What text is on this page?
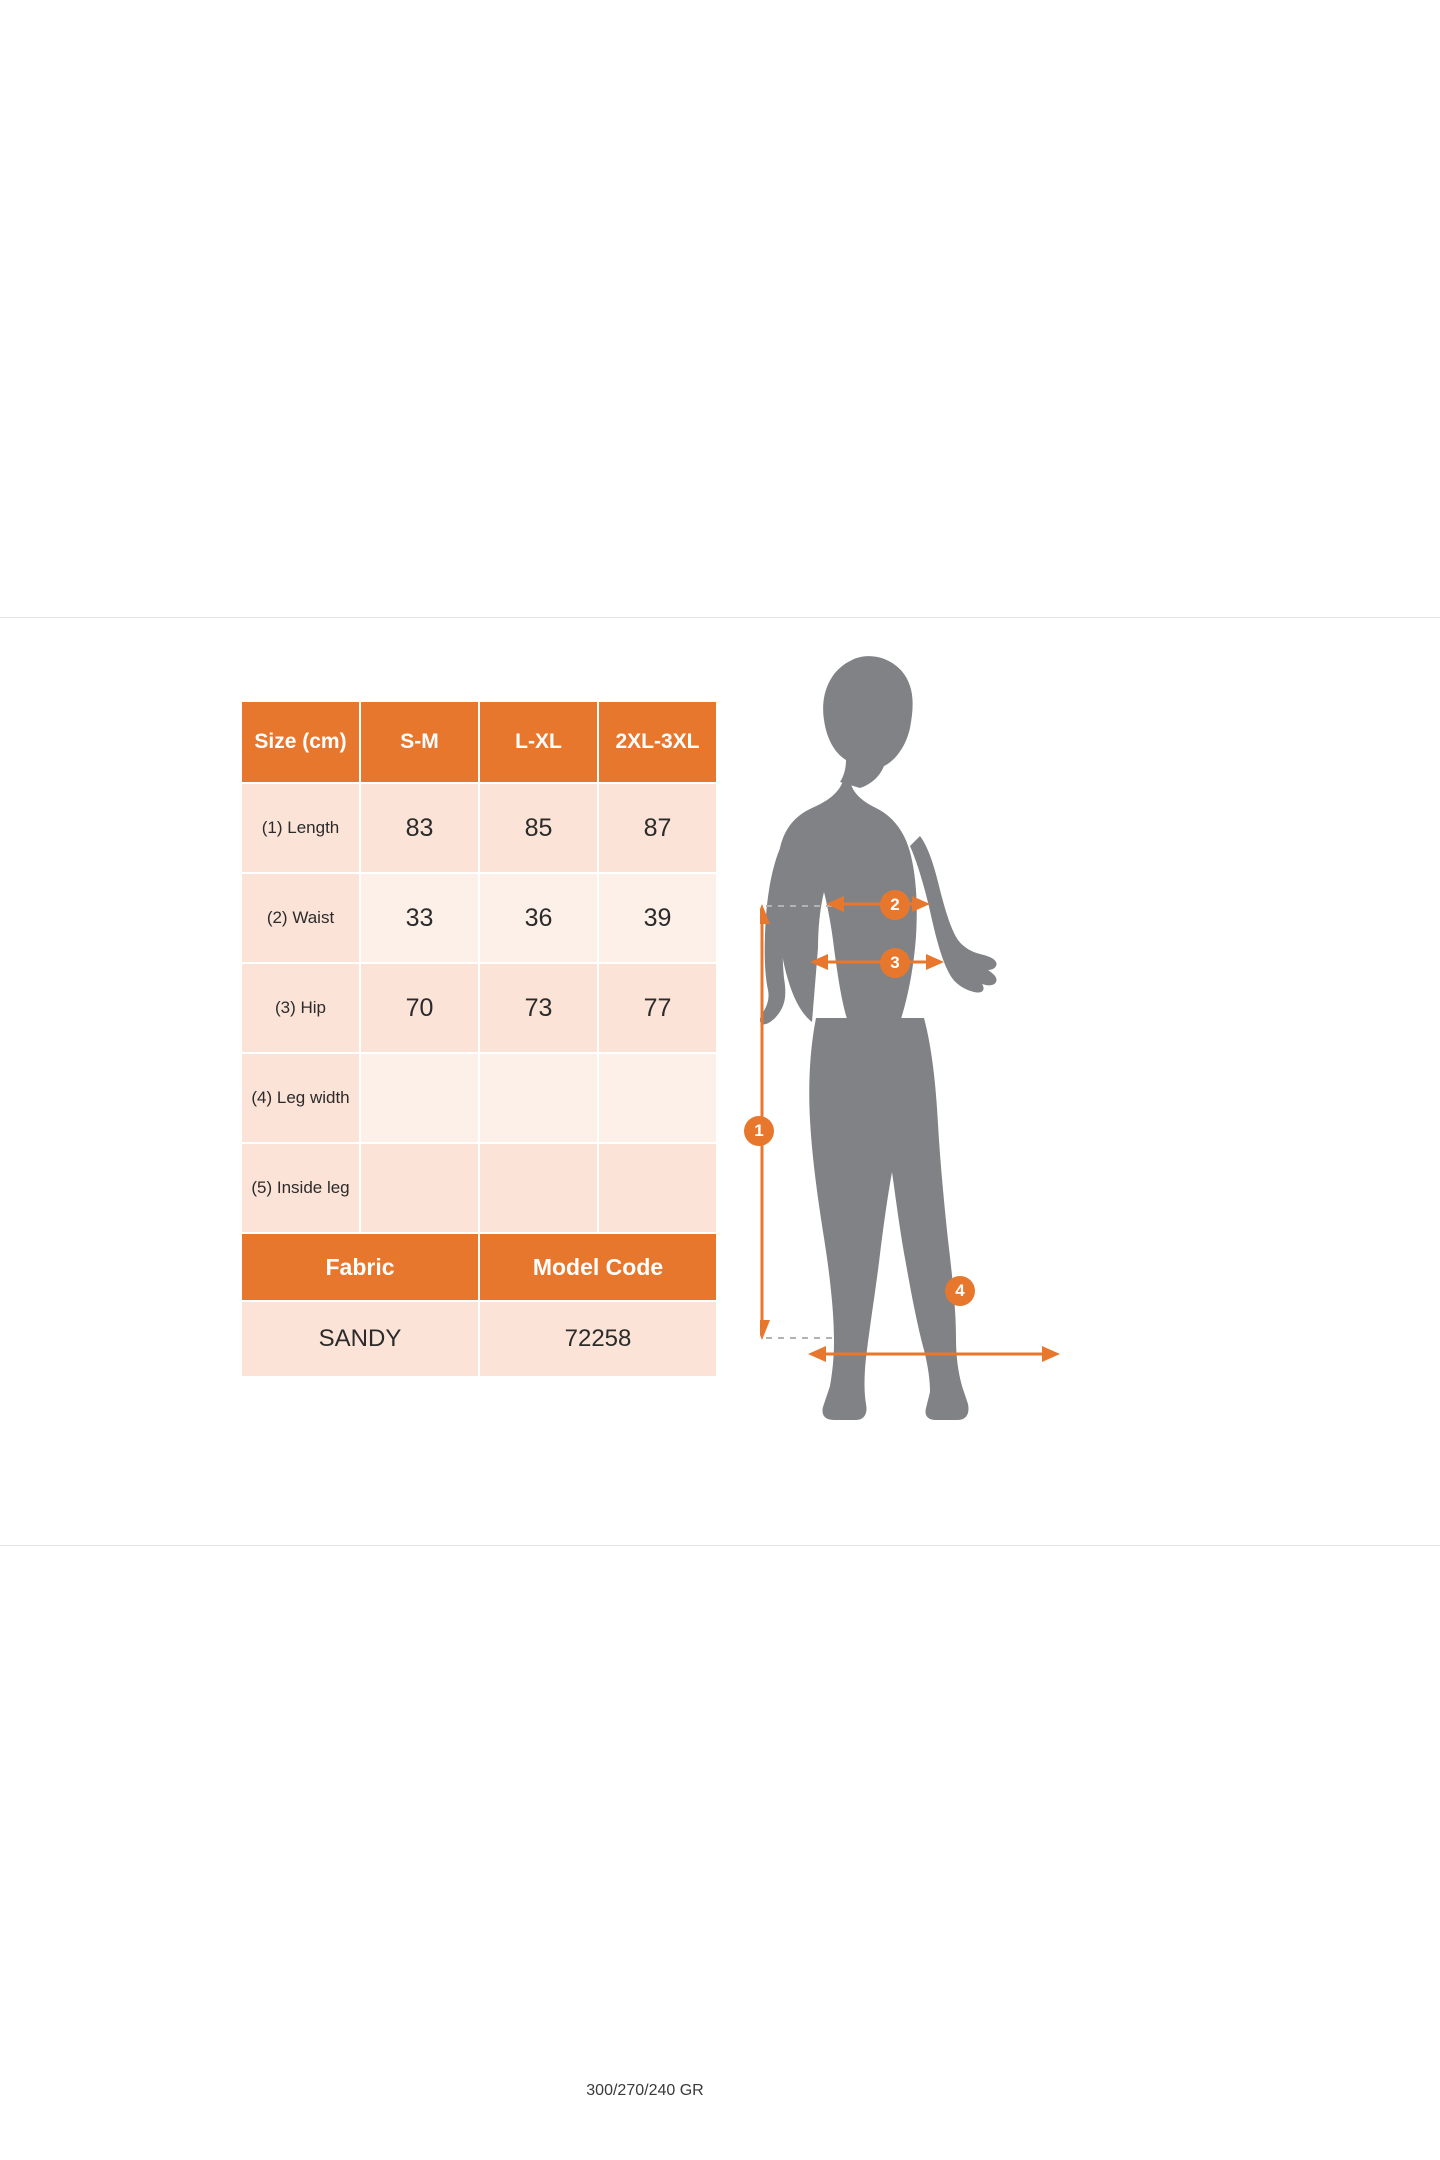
Size (cm)	S-M	L-XL	2XL-3XL
(1) Length	83	85	87
(2) Waist	33	36	39
(3) Hip	70	73	77
(4) Leg width			
(5) Inside leg			
Fabric		Model Code	
SANDY		72258	
300/270/240 GR
1
2
3
4
